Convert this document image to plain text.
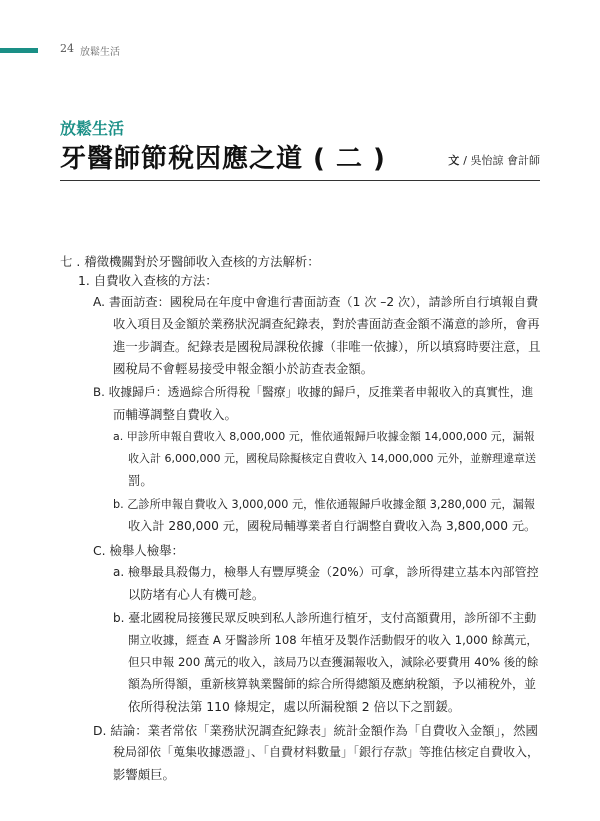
24 放鬆生活
放鬆生活
牙醫師節稅因應之道 ( 二 )	文 / 吳怡諒 會計師
七 . 稽徵機關對於牙醫師收入查核的方法解析：
1. 自費收入查核的方法：
A. 書面訪查：國稅局在年度中會進行書面訪查（1 次 –2 次），請診所自行填報自費
收入項目及金額於業務狀況調查紀錄表，對於書面訪查金額不滿意的診所，會再
進一步調查。紀錄表是國稅局課稅依據（非唯一依據），所以填寫時要注意，且
國稅局不會輕易接受申報金額小於訪查表金額。
B. 收據歸戶：透過綜合所得稅「醫療」收據的歸戶，反推業者申報收入的真實性，進
而輔導調整自費收入。
a. 甲診所申報自費收入 8,000,000 元，惟依通報歸戶收據金額 14,000,000 元，漏報
收入計 6,000,000 元，國稅局除擬核定自費收入 14,000,000 元外，並辦理違章送
罰。
b. 乙診所申報自費收入 3,000,000 元，惟依通報歸戶收據金額 3,280,000 元，漏報
收入計 280,000 元，國稅局輔導業者自行調整自費收入為 3,800,000 元。
C. 檢舉人檢舉：
a. 檢舉最具殺傷力，檢舉人有豐厚獎金（20%）可拿，診所得建立基本內部管控
以防堵有心人有機可趁。
b. 臺北國稅局接獲民眾反映到私人診所進行植牙，支付高額費用，診所卻不主動
開立收據，經查 A 牙醫診所 108 年植牙及製作活動假牙的收入 1,000 餘萬元，
但只申報 200 萬元的收入，該局乃以查獲漏報收入，減除必要費用 40% 後的餘
額為所得額，重新核算執業醫師的綜合所得總額及應納稅額，予以補稅外，並
依所得稅法第 110 條規定，處以所漏稅額 2 倍以下之罰鍰。
D. 結論：業者常依「業務狀況調查紀錄表」統計金額作為「自費收入金額」，然國
稅局卻依「蒐集收據憑證」、「自費材料數量」「銀行存款」等推估核定自費收入，
影響頗巨。
